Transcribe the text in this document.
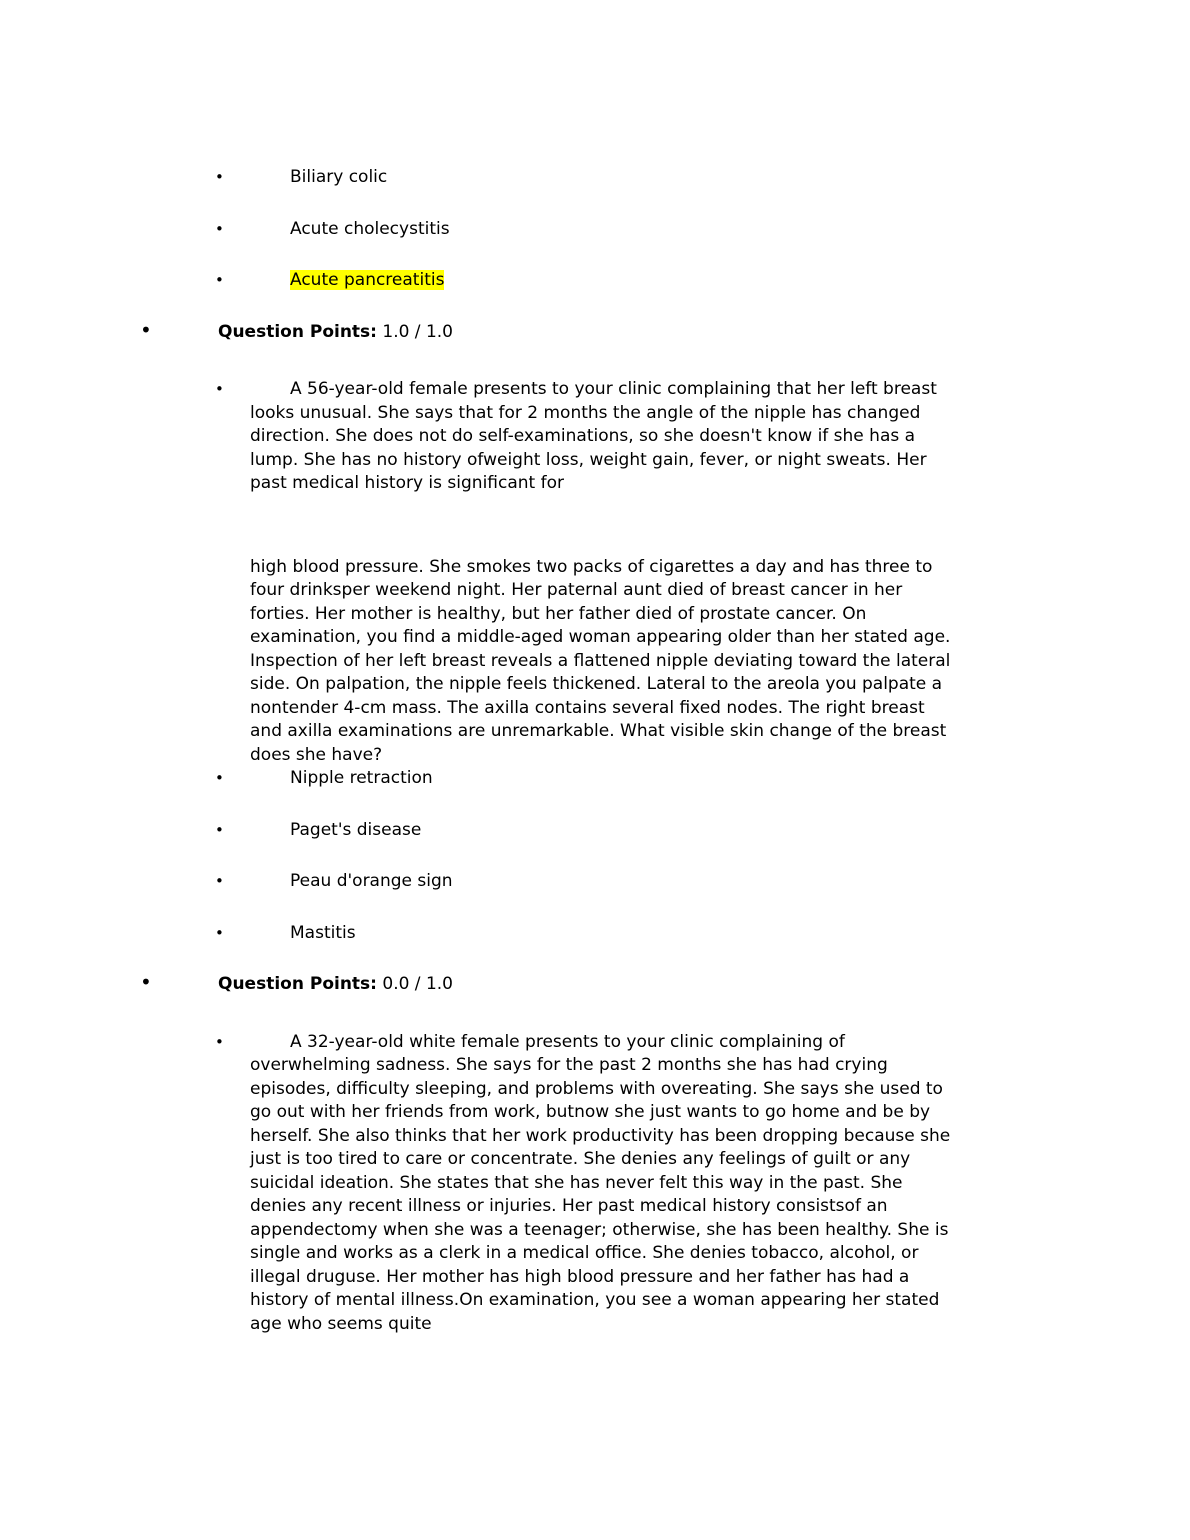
•	Biliary colic
•	Acute cholecystitis
•	Acute pancreatitis
•	Question Points: 1.0 / 1.0
•	A 56-year-old female presents to your clinic complaining that her left breast looks unusual. She says that for 2 months the angle of the nipple has changed direction. She does not do self-examinations, so she doesn't know if she has a lump. She has no history ofweight loss, weight gain, fever, or night sweats. Her past medical history is significant for
high blood pressure. She smokes two packs of cigarettes a day and has three to four drinksper weekend night. Her paternal aunt died of breast cancer in her forties. Her mother is healthy, but her father died of prostate cancer. On examination, you find a middle-aged woman appearing older than her stated age. Inspection of her left breast reveals a flattened nipple deviating toward the lateral side. On palpation, the nipple feels thickened. Lateral to the areola you palpate a nontender 4-cm mass. The axilla contains several fixed nodes. The right breast and axilla examinations are unremarkable. What visible skin change of the breast does she have?
•	Nipple retraction
•	Paget's disease
•	Peau d'orange sign
•	Mastitis
•	Question Points: 0.0 / 1.0
•	A 32-year-old white female presents to your clinic complaining of overwhelming sadness. She says for the past 2 months she has had crying episodes, difficulty sleeping, and problems with overeating. She says she used to go out with her friends from work, butnow she just wants to go home and be by herself. She also thinks that her work productivity has been dropping because she just is too tired to care or concentrate. She denies any feelings of guilt or any suicidal ideation. She states that she has never felt this way in the past. She denies any recent illness or injuries. Her past medical history consistsof an appendectomy when she was a teenager; otherwise, she has been healthy. She is single and works as a clerk in a medical office. She denies tobacco, alcohol, or illegal druguse. Her mother has high blood pressure and her father has had a history of mental illness.On examination, you see a woman appearing her stated age who seems quite
